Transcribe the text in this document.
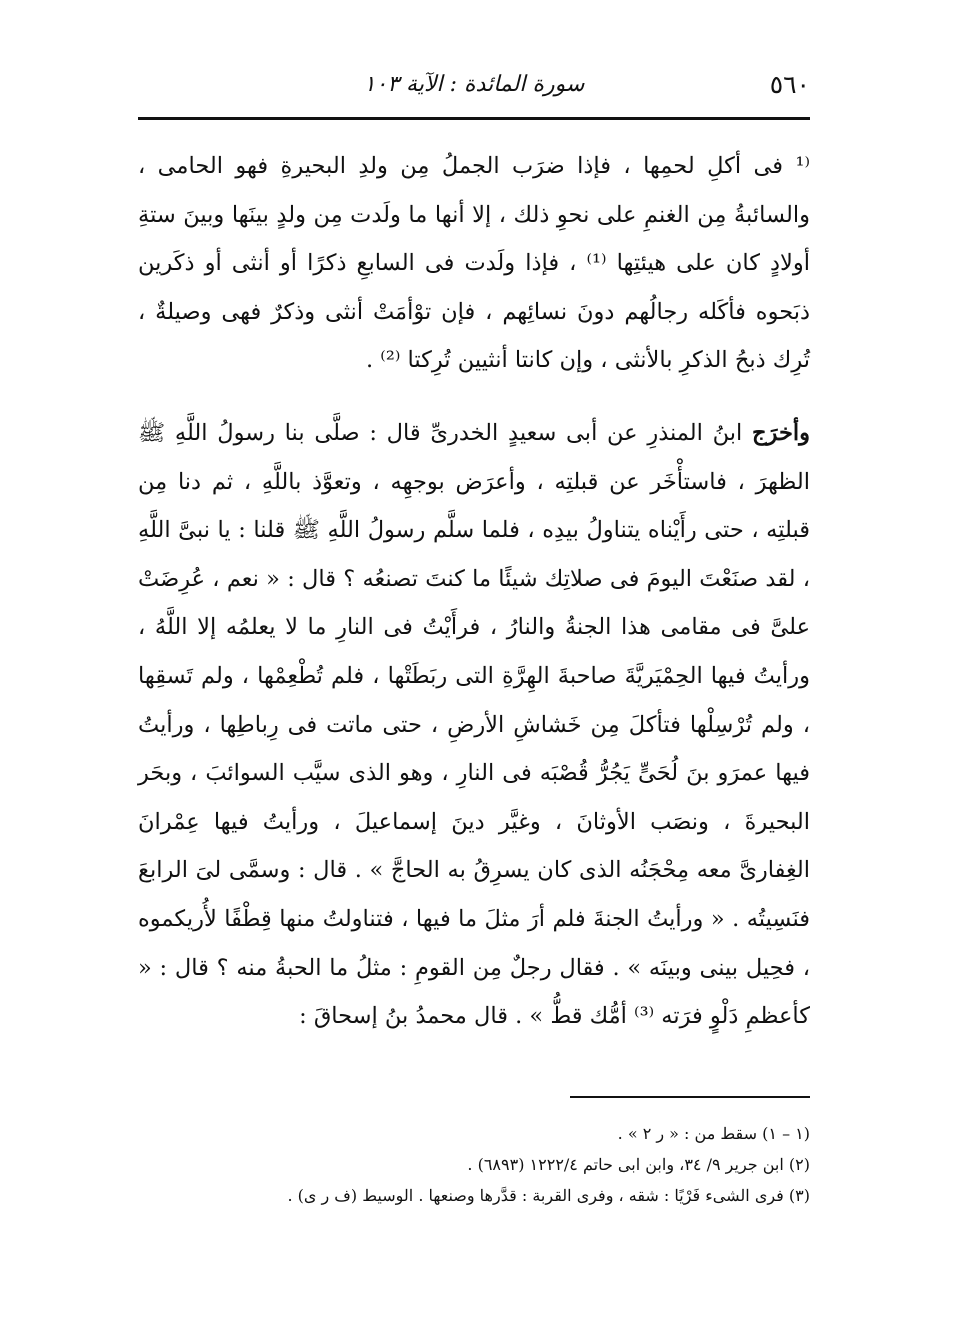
٥٦٠
سورة المائدة : الآية ١٠٣

⁽¹ فى أكلِ لحمِها ، فإذا ضرَب الجملُ مِن ولدِ البحيرةِ فهو الحامى ، والسائبةُ مِن الغنمِ على نحوِ ذلك ، إلا أنها ما ولَدت مِن ولدٍ بينَها وبينَ ستةِ أولادٍ كان على هيئتِها ⁽¹⁾ ، فإذا ولَدت فى السابعِ ذكرًا أو أنثى أو ذكَرين ذبَحوه فأكَله رجالُهم دونَ نسائِهم ، فإن توْأمَتْ أنثى وذكرٌ فهى وصيلةٌ ، تُرِك ذبحُ الذكرِ بالأنثى ، وإن كانتا أنثيين تُرِكتا ⁽²⁾ .

وأخرَج ابنُ المنذرِ عن أبى سعيدٍ الخدرىِّ قال : صلَّى بنا رسولُ اللَّهِ ﷺ الظهرَ ، فاستأْخَر عن قبلتِه ، وأعرَض بوجهِه ، وتعوَّذ باللَّهِ ، ثم دنا مِن قبلتِه ، حتى رأَيْناه يتناولُ بيدِه ، فلما سلَّم رسولُ اللَّهِ ﷺ قلنا : يا نبىَّ اللَّهِ ، لقد صنَعْتَ اليومَ فى صلاتِك شيئًا ما كنتَ تصنعُه ؟ قال : « نعم ، عُرِضَتْ علىَّ فى مقامى هذا الجنةُ والنارُ ، فرأَيْتُ فى النارِ ما لا يعلمُه إلا اللَّهُ ، ورأيتُ فيها الحِمْيَريَّةَ صاحبةَ الهِرَّةِ التى ربَطَتْها ، فلم تُطْعِمْها ، ولم تَسقِها ، ولم تُرْسِلْها فتأكلَ مِن خَشاشِ الأرضِ ، حتى ماتت فى رِباطِها ، ورأيتُ فيها عمرَو بنَ لُحَىٍّ يَجُرُّ قُصْبَه فى النارِ ، وهو الذى سيَّب السوائبَ ، وبحَر البحيرةَ ، ونصَب الأوثانَ ، وغيَّر دينَ إسماعيلَ ، ورأيتُ فيها عِمْرانَ الغِفارىَّ معه مِحْجَنُه الذى كان يسرِقُ به الحاجَّ » . قال : وسمَّى لىَ الرابعَ فنَسِيتُه . « ورأيتُ الجنةَ فلم أرَ مثلَ ما فيها ، فتناولتُ منها قِطْفًا لأُريكموه ، فحِيل بينى وبينَه » . فقال رجلٌ مِن القومِ : مثلُ ما الحبةُ منه ؟ قال : « كأعظمِ دَلْوٍ فرَته ⁽³⁾ أمُّك قطُّ » . قال محمدُ بنُ إسحاقَ :

(١ – ١) سقط من : « ر ٢ » .

(٢) ابن جرير ٩/ ٣٤، وابن ابى حاتم ١٢٢٢/٤ (٦٨٩٣) .

(٣) فرى الشىء فَرْيًا : شقه ، وفرى القربة : قدَّرها وصنعها . الوسيط (ف ر ى) .
